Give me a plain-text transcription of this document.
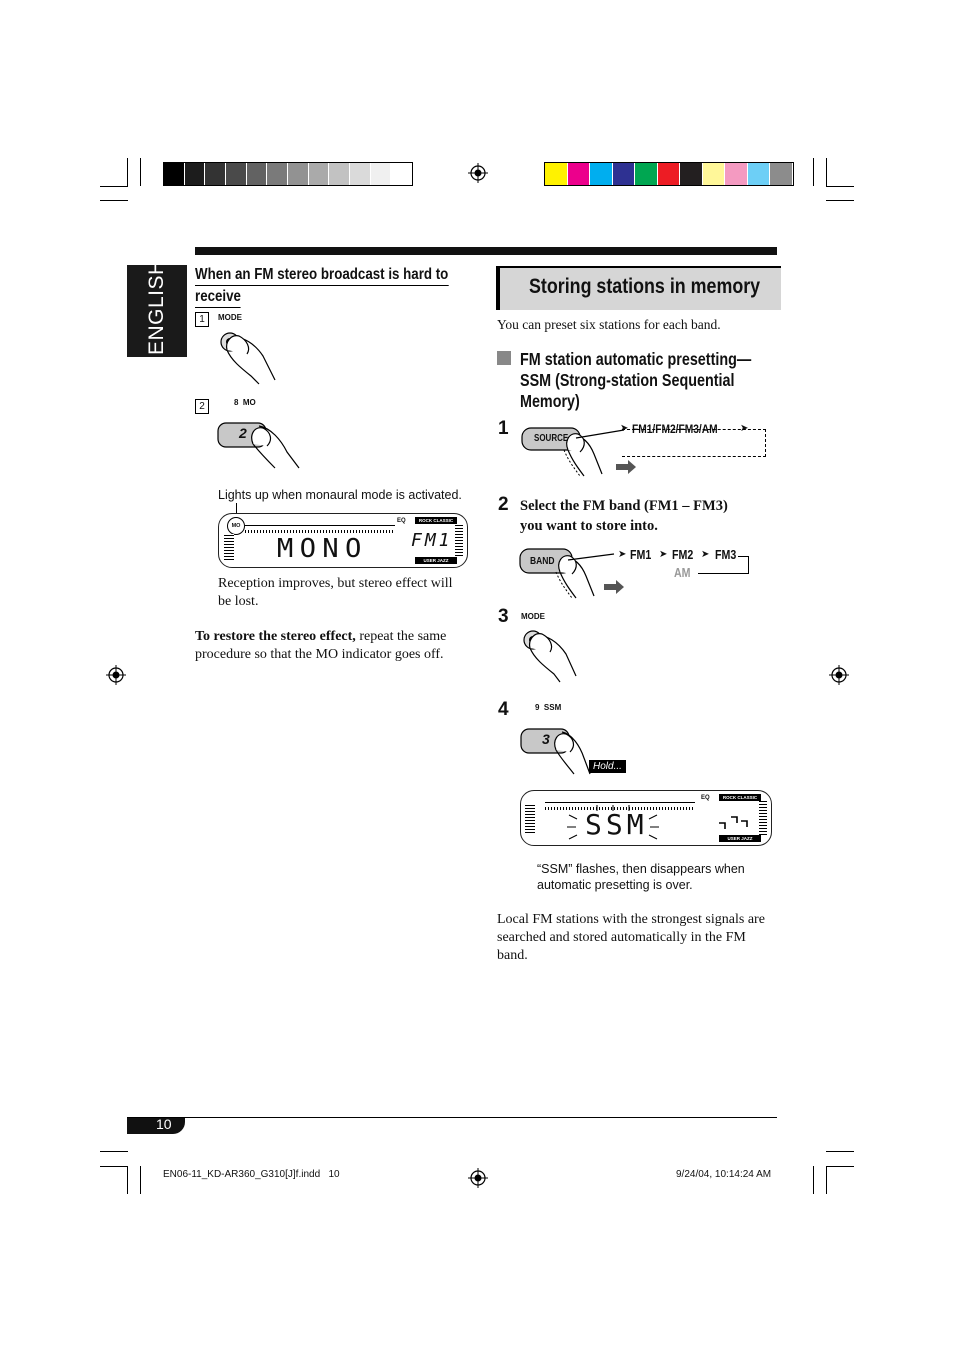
ENGLISH	When an FM stereo broadcast is hard to
receive
1	MODE
2	8  MO
2
Lights up when monaural mode is activated.
MO
EQ	ROCK CLASSIC
USER JAZZ
MONO FM1
Reception improves, but stereo effect will be lost.
To restore the stereo effect, repeat the same procedure so that the MO indicator goes off.
Storing stations in memory
You can preset six stations for each band.
FM station automatic presetting—
SSM (Strong-station Sequential
Memory)
1	SOURCE
➤ FM1/FM2/FM3/AM ➤
2 Select the FM band (FM1 – FM3)
you want to store into.
BAND
➤ FM1 ➤ FM2 ➤ FM3
AM
3 MODE
4	9  SSM
3
Hold...
EQ	ROCK CLASSIC
USER JAZZ
SSM
“SSM” flashes, then disappears when
automatic presetting is over.
Local FM stations with the strongest signals are searched and stored automatically in the FM band.
10
EN06-11_KD-AR360_G310[J]f.indd   10	9/24/04, 10:14:24 AM
